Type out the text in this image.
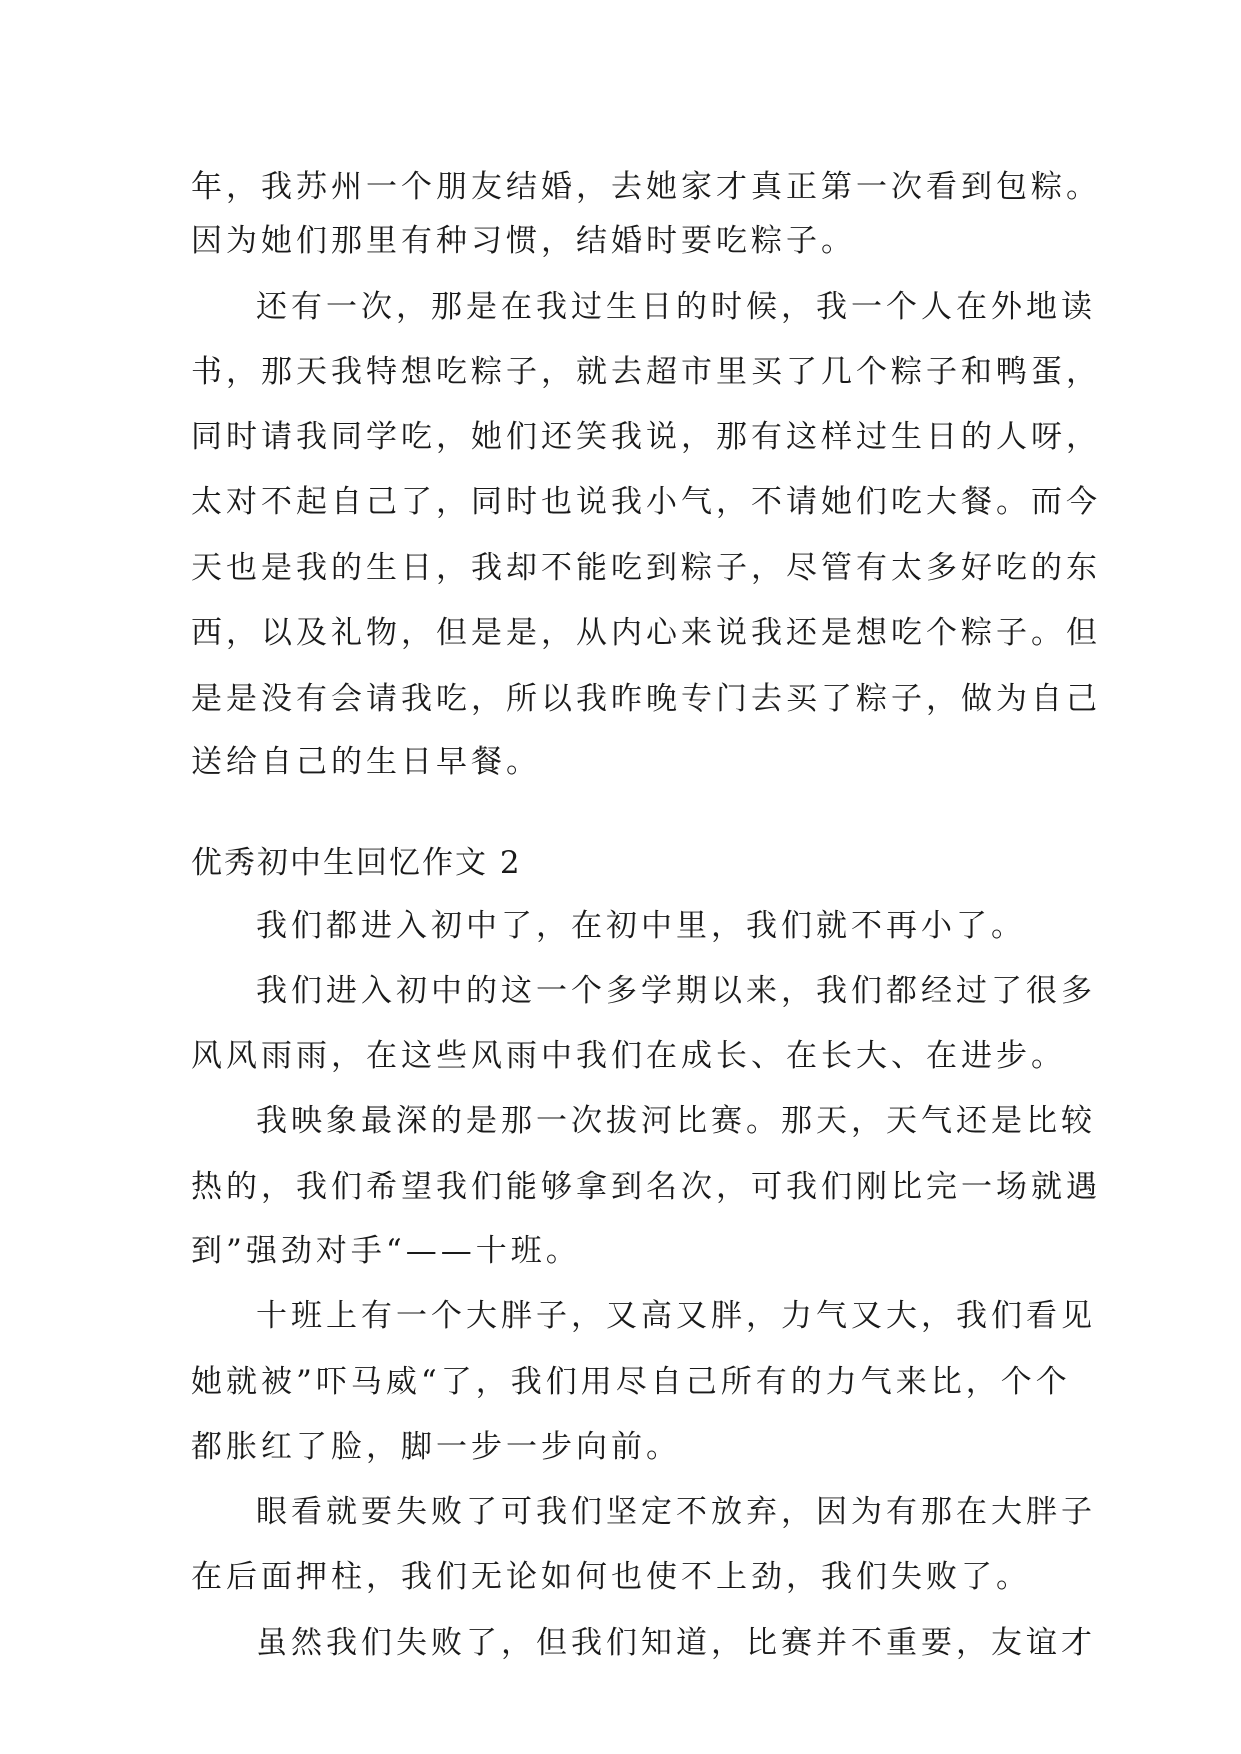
年，我苏州一个朋友结婚，去她家才真正第一次看到包粽。
因为她们那里有种习惯，结婚时要吃粽子。
还有一次，那是在我过生日的时候，我一个人在外地读
书，那天我特想吃粽子，就去超市里买了几个粽子和鸭蛋，
同时请我同学吃，她们还笑我说，那有这样过生日的人呀，
太对不起自己了，同时也说我小气，不请她们吃大餐。而今
天也是我的生日，我却不能吃到粽子，尽管有太多好吃的东
西，以及礼物，但是是，从内心来说我还是想吃个粽子。但
是是没有会请我吃，所以我昨晚专门去买了粽子，做为自己
送给自己的生日早餐。
优秀初中生回忆作文 2
我们都进入初中了，在初中里，我们就不再小了。
我们进入初中的这一个多学期以来，我们都经过了很多
风风雨雨，在这些风雨中我们在成长、在长大、在进步。
我映象最深的是那一次拔河比赛。那天，天气还是比较
热的，我们希望我们能够拿到名次，可我们刚比完一场就遇
到”强劲对手“——十班。
十班上有一个大胖子，又高又胖，力气又大，我们看见
她就被”吓马威“了，我们用尽自己所有的力气来比，个个
都胀红了脸，脚一步一步向前。
眼看就要失败了可我们坚定不放弃，因为有那在大胖子
在后面押柱，我们无论如何也使不上劲，我们失败了。
虽然我们失败了，但我们知道，比赛并不重要，友谊才
